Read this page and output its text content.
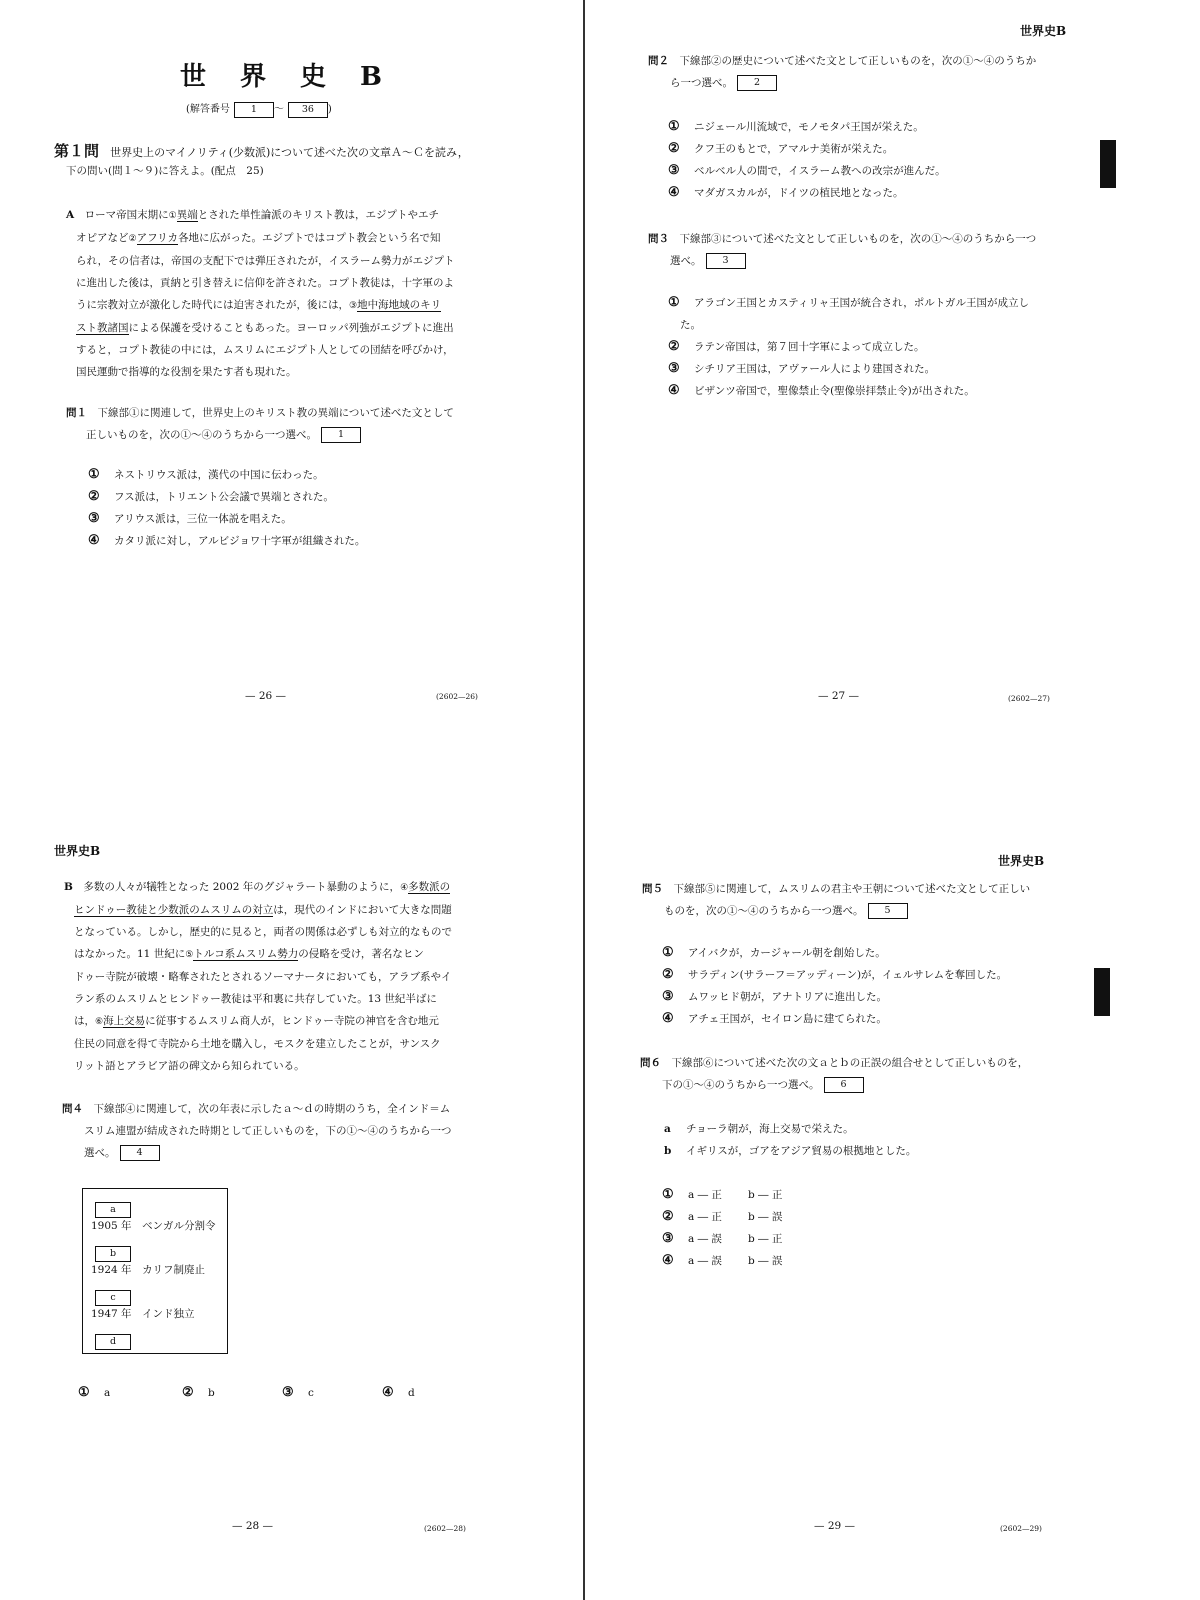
世　界　史　B
(解答番号 1 ～ 36 )
第１問 世界史上のマイノリティ(少数派)について述べた次の文章Ａ～Ｃを読み，
下の問い(問１～９)に答えよ。(配点　25)
A　 ローマ帝国末期に①異端とされた単性論派のキリスト教は，エジプトやエチ
オピアなど②アフリカ各地に広がった。エジプトではコプト教会という名で知
られ，その信者は，帝国の支配下では弾圧されたが，イスラーム勢力がエジプト
に進出した後は，貢納と引き替えに信仰を許された。コプト教徒は，十字軍のよ
うに宗教対立が激化した時代には迫害されたが，後には，③地中海地域のキリ
スト教諸国による保護を受けることもあった。ヨーロッパ列強がエジプトに進出
すると，コプト教徒の中には，ムスリムにエジプト人としての団結を呼びかけ，
国民運動で指導的な役割を果たす者も現れた。
問１　 下線部①に関連して，世界史上のキリスト教の異端について述べた文として
正しいものを，次の①～④のうちから一つ選べ。 1
① ネストリウス派は，漢代の中国に伝わった。
② フス派は，トリエント公会議で異端とされた。
③ アリウス派は，三位一体説を唱えた。
④ カタリ派に対し，アルビジョワ十字軍が組織された。
— 26 —	(2602—26)
世界史B
問２　 下線部②の歴史について述べた文として正しいものを，次の①～④のうちか
ら一つ選べ。 2
① ニジェール川流域で，モノモタパ王国が栄えた。
② クフ王のもとで，アマルナ美術が栄えた。
③ ベルベル人の間で，イスラーム教への改宗が進んだ。
④ マダガスカルが，ドイツの植民地となった。
問３　 下線部③について述べた文として正しいものを，次の①～④のうちから一つ
選べ。 3
① アラゴン王国とカスティリャ王国が統合され，ポルトガル王国が成立し
た。
② ラテン帝国は，第７回十字軍によって成立した。
③ シチリア王国は，アヴァール人により建国された。
④ ビザンツ帝国で，聖像禁止令(聖像崇拝禁止令)が出された。
— 27 —	(2602—27)
世界史B
B　 多数の人々が犠牲となった 2002 年のグジャラート暴動のように，④多数派の
ヒンドゥー教徒と少数派のムスリムの対立は，現代のインドにおいて大きな問題
となっている。しかし，歴史的に見ると，両者の関係は必ずしも対立的なもので
はなかった。11 世紀に⑤トルコ系ムスリム勢力の侵略を受け，著名なヒン
ドゥー寺院が破壊・略奪されたとされるソーマナータにおいても，アラブ系やイ
ラン系のムスリムとヒンドゥー教徒は平和裏に共存していた。13 世紀半ばに
は，⑥海上交易に従事するムスリム商人が，ヒンドゥー寺院の神官を含む地元
住民の同意を得て寺院から土地を購入し，モスクを建立したことが，サンスク
リット語とアラビア語の碑文から知られている。
問４　 下線部④に関連して，次の年表に示したａ～ｄの時期のうち，全インド＝ム
スリム連盟が結成された時期として正しいものを，下の①～④のうちから一つ
選べ。 4
a
1905 年　 ベンガル分割令
b
1924 年　 カリフ制廃止
c
1947 年　 インド独立
d
① a	② b	③ c	④ d
— 28 —	(2602—28)
世界史B
問５　 下線部⑤に関連して，ムスリムの君主や王朝について述べた文として正しい
ものを，次の①～④のうちから一つ選べ。 5
① アイバクが，カージャール朝を創始した。
② サラディン(サラーフ＝アッディーン)が，イェルサレムを奪回した。
③ ムワッヒド朝が，アナトリアに進出した。
④ アチェ王国が，セイロン島に建てられた。
問６　 下線部⑥について述べた次の文ａとｂの正誤の組合せとして正しいものを，
下の①～④のうちから一つ選べ。 6
a チョーラ朝が，海上交易で栄えた。
b イギリスが，ゴアをアジア貿易の根拠地とした。
① a ― 正 b ― 正
② a ― 正 b ― 誤
③ a ― 誤 b ― 正
④ a ― 誤 b ― 誤
— 29 —	(2602—29)
